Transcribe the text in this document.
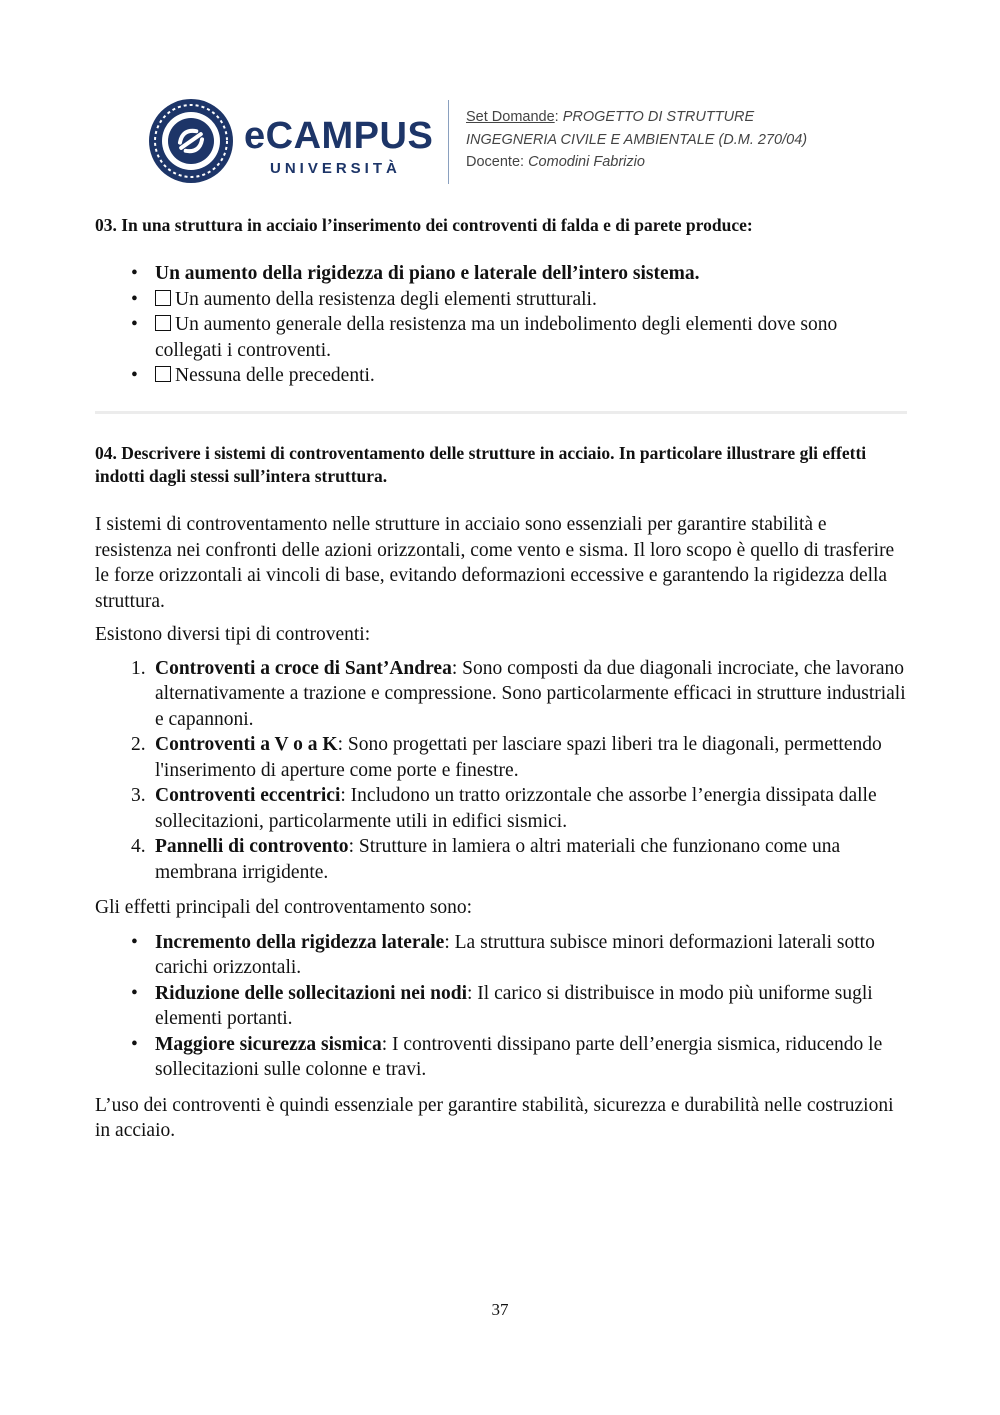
eCAMPUS
UNIVERSITÀ
Set Domande: PROGETTO DI STRUTTURE
INGEGNERIA CIVILE E AMBIENTALE (D.M. 270/04)
Docente: Comodini Fabrizio

03. In una struttura in acciaio l’inserimento dei controventi di falda e di parete produce:

• Un aumento della rigidezza di piano e laterale dell’intero sistema.
• Un aumento della resistenza degli elementi strutturali.
• Un aumento generale della resistenza ma un indebolimento degli elementi dove sono collegati i controventi.
• Nessuna delle precedenti.

04. Descrivere i sistemi di controventamento delle strutture in acciaio. In particolare illustrare gli effetti indotti dagli stessi sull’intera struttura.

I sistemi di controventamento nelle strutture in acciaio sono essenziali per garantire stabilità e resistenza nei confronti delle azioni orizzontali, come vento e sisma. Il loro scopo è quello di trasferire le forze orizzontali ai vincoli di base, evitando deformazioni eccessive e garantendo la rigidezza della struttura.

Esistono diversi tipi di controventi:

1. Controventi a croce di Sant’Andrea: Sono composti da due diagonali incrociate, che lavorano alternativamente a trazione e compressione. Sono particolarmente efficaci in strutture industriali e capannoni.
2. Controventi a V o a K: Sono progettati per lasciare spazi liberi tra le diagonali, permettendo l'inserimento di aperture come porte e finestre.
3. Controventi eccentrici: Includono un tratto orizzontale che assorbe l’energia dissipata dalle sollecitazioni, particolarmente utili in edifici sismici.
4. Pannelli di controvento: Strutture in lamiera o altri materiali che funzionano come una membrana irrigidente.

Gli effetti principali del controventamento sono:

• Incremento della rigidezza laterale: La struttura subisce minori deformazioni laterali sotto carichi orizzontali.
• Riduzione delle sollecitazioni nei nodi: Il carico si distribuisce in modo più uniforme sugli elementi portanti.
• Maggiore sicurezza sismica: I controventi dissipano parte dell’energia sismica, riducendo le sollecitazioni sulle colonne e travi.

L’uso dei controventi è quindi essenziale per garantire stabilità, sicurezza e durabilità nelle costruzioni in acciaio.

37
